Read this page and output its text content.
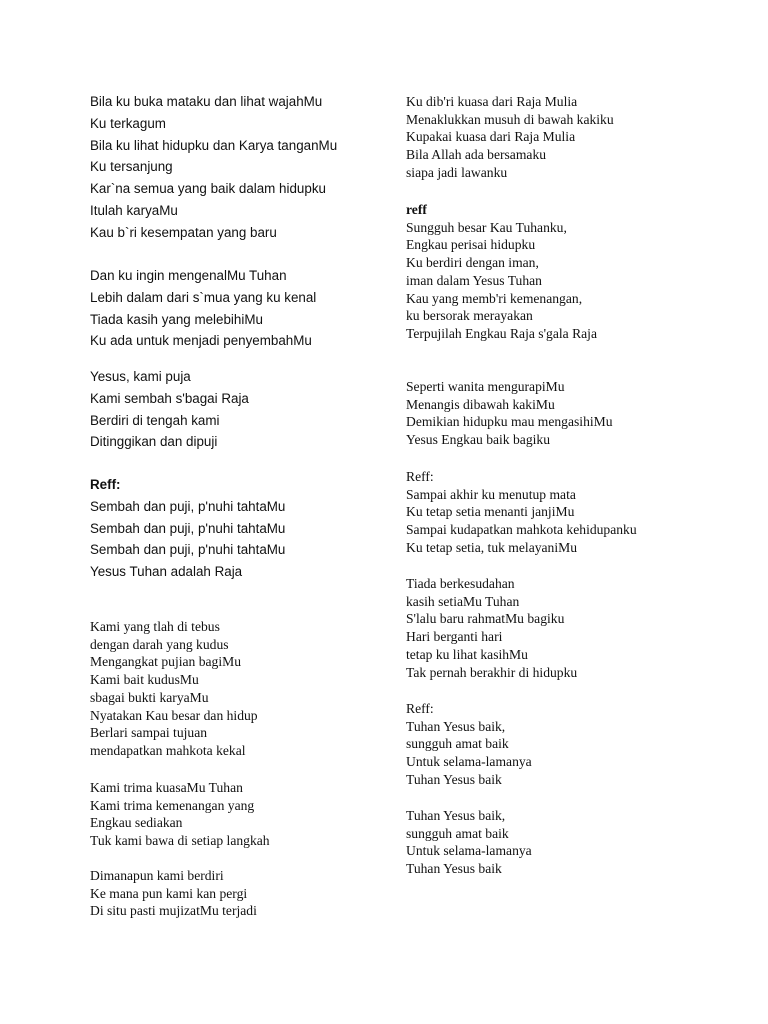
Bila ku buka mataku dan lihat wajahMu
Ku terkagum
Bila ku lihat hidupku dan Karya tanganMu
Ku tersanjung
Kar`na semua yang baik dalam hidupku
Itulah karyaMu
Kau b`ri kesempatan yang baru
Dan ku ingin mengenalMu Tuhan
Lebih dalam dari s`mua yang ku kenal
Tiada kasih yang melebihiMu
Ku ada untuk menjadi penyembahMu
Yesus, kami puja
Kami sembah s'bagai Raja
Berdiri di tengah kami
Ditinggikan dan dipuji
Reff:
Sembah dan puji, p'nuhi tahtaMu
Sembah dan puji, p'nuhi tahtaMu
Sembah dan puji, p'nuhi tahtaMu
Yesus Tuhan adalah Raja
Kami yang tlah di tebus
dengan darah yang kudus
Mengangkat pujian bagiMu
Kami bait kudusMu
sbagai bukti karyaMu
Nyatakan Kau besar dan hidup
Berlari sampai tujuan
mendapatkan mahkota kekal
Kami trima kuasaMu Tuhan
Kami trima kemenangan yang
Engkau sediakan
Tuk kami bawa di setiap langkah
Dimanapun kami berdiri
Ke mana pun kami kan pergi
Di situ pasti mujizatMu terjadi
Ku dib'ri kuasa dari Raja Mulia
Menaklukkan musuh di bawah kakiku
Kupakai kuasa dari Raja Mulia
Bila Allah ada bersamaku
siapa jadi lawanku
reff
Sungguh besar Kau Tuhanku,
Engkau perisai hidupku
Ku berdiri dengan iman,
iman dalam Yesus Tuhan
Kau yang memb'ri kemenangan,
ku bersorak merayakan
Terpujilah Engkau Raja s'gala Raja
Seperti wanita mengurapiMu
Menangis dibawah kakiMu
Demikian hidupku mau mengasihiMu
Yesus Engkau baik bagiku
Reff:
Sampai akhir ku menutup mata
Ku tetap setia menanti janjiMu
Sampai kudapatkan mahkota kehidupanku
Ku tetap setia, tuk melayaniMu
Tiada berkesudahan
kasih setiaMu Tuhan
S'lalu baru rahmatMu bagiku
Hari berganti hari
tetap ku lihat kasihMu
Tak pernah berakhir di hidupku
Reff:
Tuhan Yesus baik,
sungguh amat baik
Untuk selama-lamanya
Tuhan Yesus baik
Tuhan Yesus baik,
sungguh amat baik
Untuk selama-lamanya
Tuhan Yesus baik
